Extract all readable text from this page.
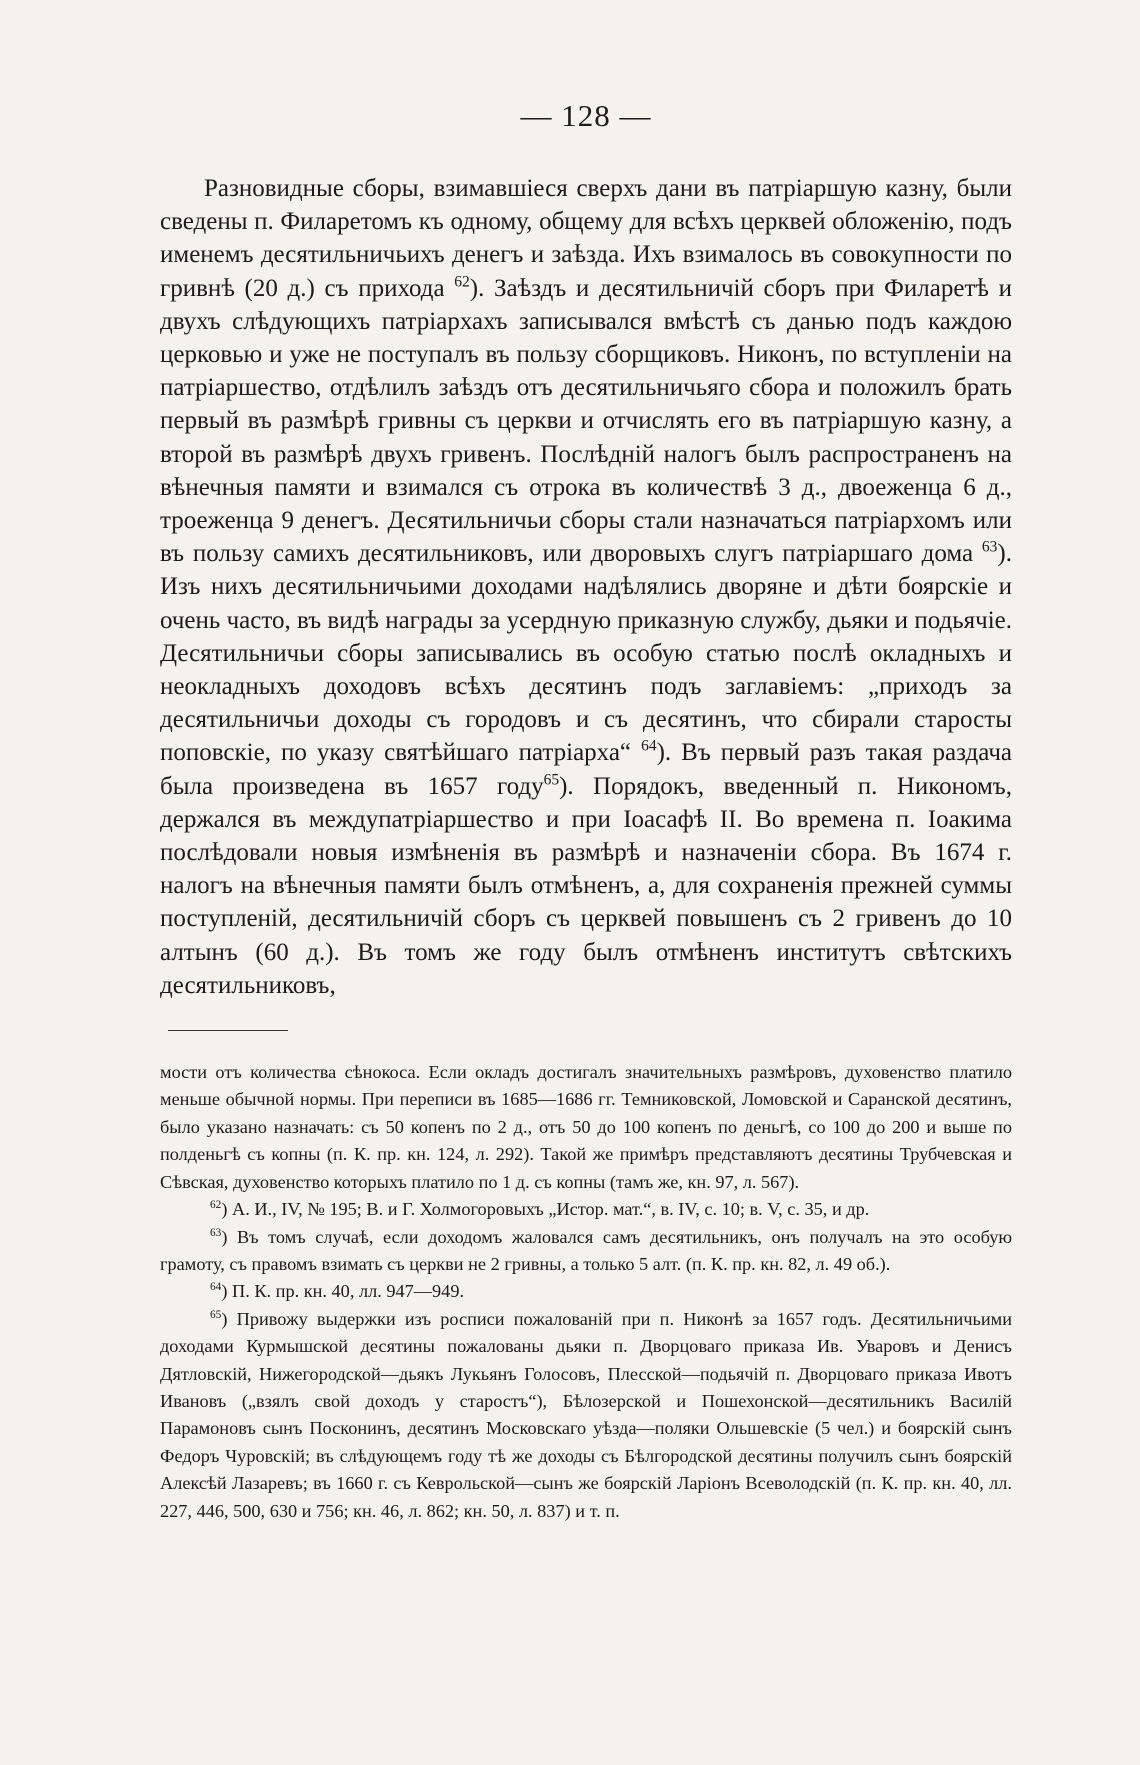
— 128 —

Разновидные сборы, взимавшіеся сверхъ дани въ патріаршую казну, были сведены п. Филаретомъ къ одному, общему для всѣхъ церквей обложенію, подъ именемъ десятильничьихъ денегъ и заѣзда. Ихъ взималось въ совокупности по гривнѣ (20 д.) съ прихода $^{62}$). Заѣздъ и десятильничій сборъ при Филаретѣ и двухъ слѣдующихъ патріархахъ записывался вмѣстѣ съ данью подъ каждою церковью и уже не поступалъ въ пользу сборщиковъ. Никонъ, по вступленіи на патріаршество, отдѣлилъ заѣздъ отъ десятильничьяго сбора и положилъ брать первый въ размѣрѣ гривны съ церкви и отчислять его въ патріаршую казну, а второй въ размѣрѣ двухъ гривенъ. Послѣдній налогъ былъ распространенъ на вѣнечныя памяти и взимался съ отрока въ количествѣ 3 д., двоеженца 6 д., троеженца 9 денегъ. Десятильничьи сборы стали назначаться патріархомъ или въ пользу самихъ десятильниковъ, или дворовыхъ слугъ патріаршаго дома $^{63}$). Изъ нихъ десятильничьими доходами надѣлялись дворяне и дѣти боярскіе и очень часто, въ видѣ награды за усердную приказную службу, дьяки и подьячіе. Десятильничьи сборы записывались въ особую статью послѣ окладныхъ и неокладныхъ доходовъ всѣхъ десятинъ подъ заглавіемъ: „приходъ за десятильничьи доходы съ городовъ и съ десятинъ, что сбирали старосты поповскіе, по указу святѣйшаго патріарха“ $^{64}$). Въ первый разъ такая раздача была произведена въ 1657 году$^{65}$). Порядокъ, введенный п. Никономъ, держался въ междупатріаршество и при Іоасафѣ II. Во времена п. Іоакима послѣдовали новыя измѣненія въ размѣрѣ и назначеніи сбора. Въ 1674 г. налогъ на вѣнечныя памяти былъ отмѣненъ, а, для сохраненія прежней суммы поступленій, десятильничій сборъ съ церквей повышенъ съ 2 гривенъ до 10 алтынъ (60 д.). Въ томъ же году былъ отмѣненъ институтъ свѣтскихъ десятильниковъ,

мости отъ количества сѣнокоса. Если окладъ достигалъ значительныхъ размѣровъ, духовенство платило меньше обычной нормы. При переписи въ 1685—1686 гг. Темниковской, Ломовской и Саранской десятинъ, было указано назначать: съ 50 копенъ по 2 д., отъ 50 до 100 копенъ по деньгѣ, со 100 до 200 и выше по полденьгѣ съ копны (п. К. пр. кн. 124, л. 292). Такой же примѣръ представляютъ десятины Трубчевская и Сѣвская, духовенство которыхъ платило по 1 д. съ копны (тамъ же, кн. 97, л. 567).

$^{62}$) А. И., IV, № 195; В. и Г. Холмогоровыхъ „Истор. мат.“, в. IV, с. 10; в. V, с. 35, и др.

$^{63}$) Въ томъ случаѣ, если доходомъ жаловался самъ десятильникъ, онъ получалъ на это особую грамоту, съ правомъ взимать съ церкви не 2 гривны, а только 5 алт. (п. К. пр. кн. 82, л. 49 об.).

$^{64}$) П. К. пр. кн. 40, лл. 947—949.

$^{65}$) Привожу выдержки изъ росписи пожалованій при п. Никонѣ за 1657 годъ. Десятильничьими доходами Курмышской десятины пожалованы дьяки п. Дворцоваго приказа Ив. Уваровъ и Денисъ Дятловскій, Нижегородской—дьякъ Лукьянъ Голосовъ, Плесской—подьячій п. Дворцоваго приказа Ивотъ Ивановъ („взялъ свой доходъ у старостъ“), Бѣлозерской и Пошехонской—десятильникъ Василій Парамоновъ сынъ Посконинъ, десятинъ Московскаго уѣзда—поляки Ольшевскіе (5 чел.) и боярскій сынъ Федоръ Чуровскій; въ слѣдующемъ году тѣ же доходы съ Бѣлгородской десятины получилъ сынъ боярскій Алексѣй Лазаревъ; въ 1660 г. съ Кеврольской—сынъ же боярскій Ларіонъ Всеволодскій (п. К. пр. кн. 40, лл. 227, 446, 500, 630 и 756; кн. 46, л. 862; кн. 50, л. 837) и т. п.
